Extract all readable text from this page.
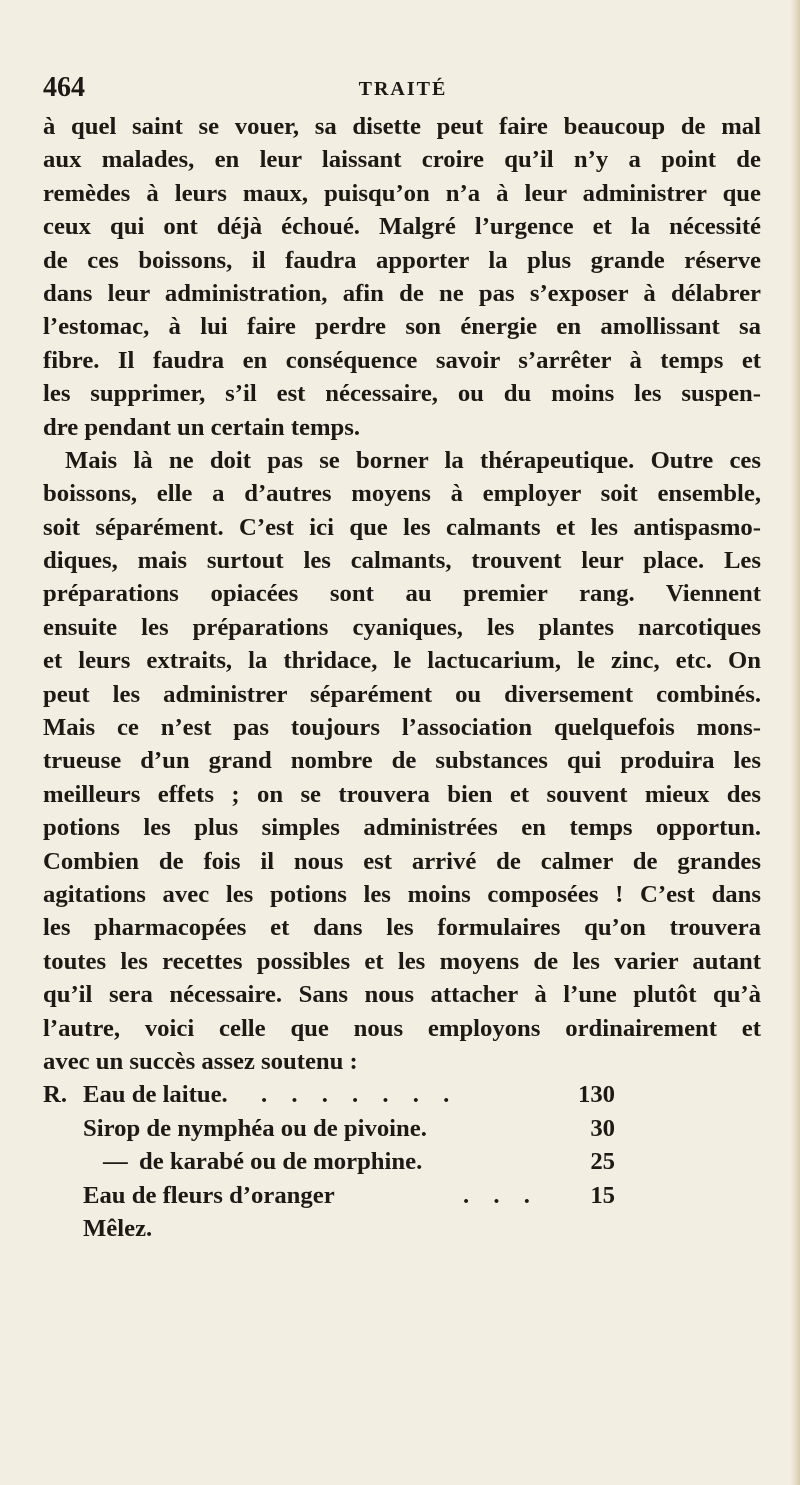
464	TRAITÉ
à quel saint se vouer, sa disette peut faire beaucoup de mal
aux malades, en leur laissant croire qu’il n’y a point de
remèdes à leurs maux, puisqu’on n’a à leur administrer que
ceux qui ont déjà échoué. Malgré l’urgence et la nécessité
de ces boissons, il faudra apporter la plus grande réserve
dans leur administration, afin de ne pas s’exposer à délabrer
l’estomac, à lui faire perdre son énergie en amollissant sa
fibre. Il faudra en conséquence savoir s’arrêter à temps et
les supprimer, s’il est nécessaire, ou du moins les suspen-
dre pendant un certain temps.
Mais là ne doit pas se borner la thérapeutique. Outre ces
boissons, elle a d’autres moyens à employer soit ensemble,
soit séparément. C’est ici que les calmants et les antispasmo-
diques, mais surtout les calmants, trouvent leur place. Les
préparations opiacées sont au premier rang. Viennent
ensuite les préparations cyaniques, les plantes narcotiques
et leurs extraits, la thridace, le lactucarium, le zinc, etc. On
peut les administrer séparément ou diversement combinés.
Mais ce n’est pas toujours l’association quelquefois mons-
trueuse d’un grand nombre de substances qui produira les
meilleurs effets ; on se trouvera bien et souvent mieux des
potions les plus simples administrées en temps opportun.
Combien de fois il nous est arrivé de calmer de grandes
agitations avec les potions les moins composées ! C’est dans
les pharmacopées et dans les formulaires qu’on trouvera
toutes les recettes possibles et les moyens de les varier autant
qu’il sera nécessaire. Sans nous attacher à l’une plutôt qu’à
l’autre, voici celle que nous employons ordinairement et
avec un succès assez soutenu :
R. Eau de laitue. . . . . . . .	130
Sirop de nymphéa ou de pivoine.	30
— de karabé ou de morphine.	25
Eau de fleurs d’oranger	. . . 15
Mêlez.
